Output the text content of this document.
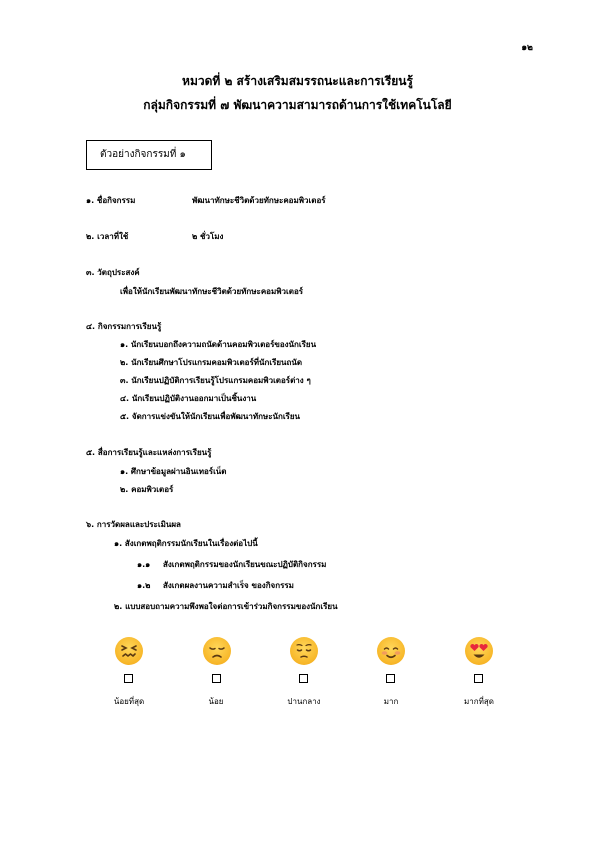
๑๒
หมวดที่ ๒ สร้างเสริมสมรรถนะและการเรียนรู้
กลุ่มกิจกรรมที่ ๗ พัฒนาความสามารถด้านการใช้เทคโนโลยี
ตัวอย่างกิจกรรมที่ ๑
๑. ชื่อกิจกรรม	พัฒนาทักษะชีวิตด้วยทักษะคอมพิวเตอร์
๒. เวลาที่ใช้	๒ ชั่วโมง
๓. วัตถุประสงค์
เพื่อให้นักเรียนพัฒนาทักษะชีวิตด้วยทักษะคอมพิวเตอร์
๔. กิจกรรมการเรียนรู้
๑. นักเรียนบอกถึงความถนัดด้านคอมพิวเตอร์ของนักเรียน
๒. นักเรียนศึกษาโปรแกรมคอมพิวเตอร์ที่นักเรียนถนัด
๓. นักเรียนปฏิบัติการเรียนรู้โปรแกรมคอมพิวเตอร์ต่าง ๆ
๔. นักเรียนปฏิบัติงานออกมาเป็นชิ้นงาน
๕. จัดการแข่งขันให้นักเรียนเพื่อพัฒนาทักษะนักเรียน
๕. สื่อการเรียนรู้และแหล่งการเรียนรู้
๑. ศึกษาข้อมูลผ่านอินเทอร์เน็ต
๒. คอมพิวเตอร์
๖. การวัดผลและประเมินผล
๑. สังเกตพฤติกรรมนักเรียนในเรื่องต่อไปนี้
๑.๑ สังเกตพฤติกรรมของนักเรียนขณะปฏิบัติกิจกรรม
๑.๒ สังเกตผลงานความสำเร็จ ของกิจกรรม
๒. แบบสอบถามความพึงพอใจต่อการเข้าร่วมกิจกรรมของนักเรียน
น้อยที่สุด	น้อย	ปานกลาง	มาก	มากที่สุด
